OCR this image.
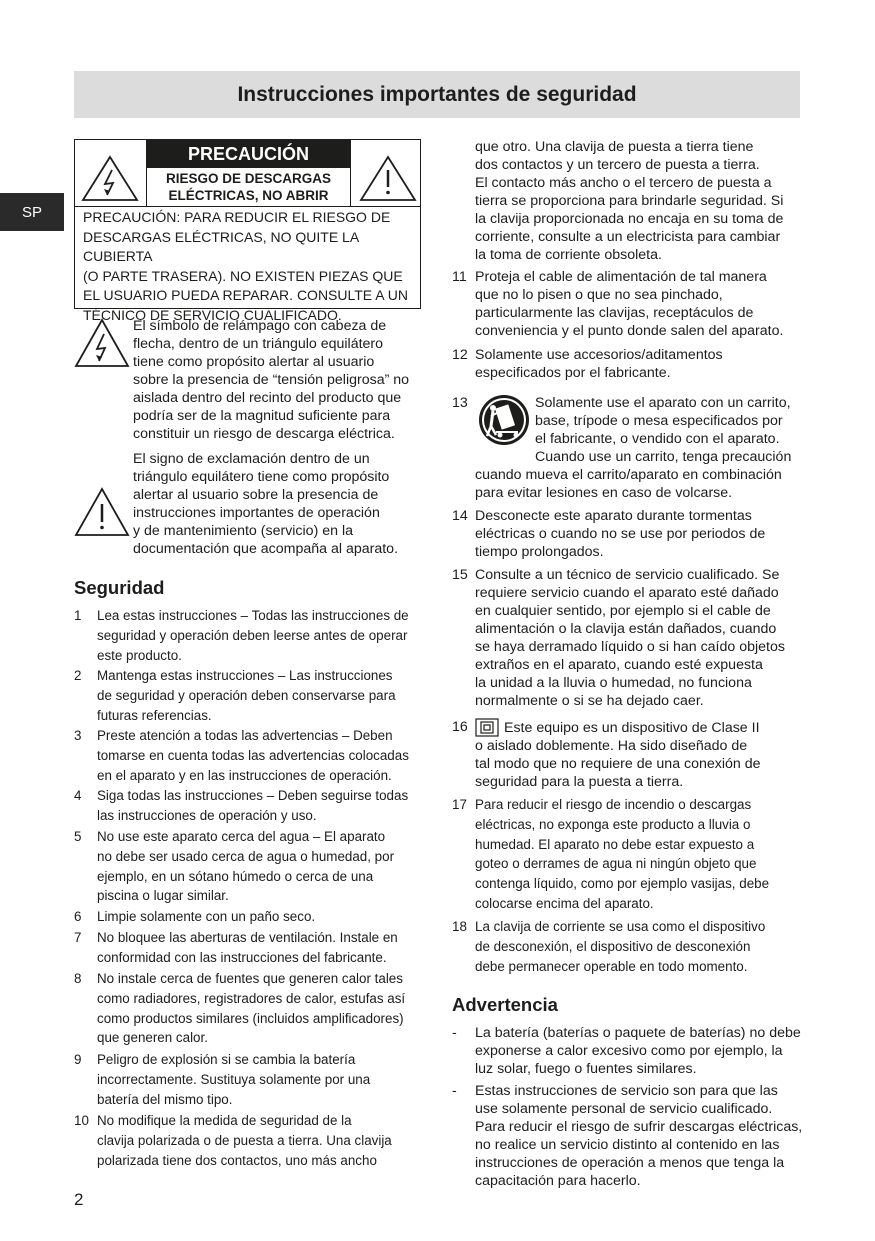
Instrucciones importantes de seguridad
SP
PRECAUCIÓN
RIESGO DE DESCARGAS
ELÉCTRICAS, NO ABRIR
PRECAUCIÓN: PARA REDUCIR EL RIESGO DE
DESCARGAS ELÉCTRICAS, NO QUITE LA CUBIERTA
(O PARTE TRASERA). NO EXISTEN PIEZAS QUE
EL USUARIO PUEDA REPARAR. CONSULTE A UN
TÉCNICO DE SERVICIO CUALIFICADO.
El símbolo de relámpago con cabeza de
flecha, dentro de un triángulo equilátero
tiene como propósito alertar al usuario
sobre la presencia de “tensión peligrosa” no
aislada dentro del recinto del producto que
podría ser de la magnitud suficiente para
constituir un riesgo de descarga eléctrica.
El signo de exclamación dentro de un
triángulo equilátero tiene como propósito
alertar al usuario sobre la presencia de
instrucciones importantes de operación
y de mantenimiento (servicio) en la
documentación que acompaña al aparato.
Seguridad
1 Lea estas instrucciones – Todas las instrucciones de
seguridad y operación deben leerse antes de operar
este producto.
2 Mantenga estas instrucciones – Las instrucciones
de seguridad y operación deben conservarse para
futuras referencias.
3 Preste atención a todas las advertencias – Deben
tomarse en cuenta todas las advertencias colocadas
en el aparato y en las instrucciones de operación.
4 Siga todas las instrucciones – Deben seguirse todas
las instrucciones de operación y uso.
5 No use este aparato cerca del agua – El aparato
no debe ser usado cerca de agua o humedad, por
ejemplo, en un sótano húmedo o cerca de una
piscina o lugar similar.
6 Limpie solamente con un paño seco.
7 No bloquee las aberturas de ventilación. Instale en
conformidad con las instrucciones del fabricante.
8 No instale cerca de fuentes que generen calor tales
como radiadores, registradores de calor, estufas así
como productos similares (incluidos amplificadores)
que generen calor.
9 Peligro de explosión si se cambia la batería
incorrectamente. Sustituya solamente por una
batería del mismo tipo.
10 No modifique la medida de seguridad de la
clavija polarizada o de puesta a tierra. Una clavija
polarizada tiene dos contactos, uno más ancho
que otro. Una clavija de puesta a tierra tiene
dos contactos y un tercero de puesta a tierra.
El contacto más ancho o el tercero de puesta a
tierra se proporciona para brindarle seguridad. Si
la clavija proporcionada no encaja en su toma de
corriente, consulte a un electricista para cambiar
la toma de corriente obsoleta.
11 Proteja el cable de alimentación de tal manera
que no lo pisen o que no sea pinchado,
particularmente las clavijas, receptáculos de
conveniencia y el punto donde salen del aparato.
12 Solamente use accesorios/aditamentos
especificados por el fabricante.
13	Solamente use el aparato con un carrito,
base, trípode o mesa especificados por
el fabricante, o vendido con el aparato.
Cuando use un carrito, tenga precaución
cuando mueva el carrito/aparato en combinación
para evitar lesiones en caso de volcarse.
14 Desconecte este aparato durante tormentas
eléctricas o cuando no se use por periodos de
tiempo prolongados.
15 Consulte a un técnico de servicio cualificado. Se
requiere servicio cuando el aparato esté dañado
en cualquier sentido, por ejemplo si el cable de
alimentación o la clavija están dañados, cuando
se haya derramado líquido o si han caído objetos
extraños en el aparato, cuando esté expuesta
la unidad a la lluvia o humedad, no funciona
normalmente o si se ha dejado caer.
16	Este equipo es un dispositivo de Clase II
o aislado doblemente. Ha sido diseñado de
tal modo que no requiere de una conexión de
seguridad para la puesta a tierra.
17 Para reducir el riesgo de incendio o descargas
eléctricas, no exponga este producto a lluvia o
humedad. El aparato no debe estar expuesto a
goteo o derrames de agua ni ningún objeto que
contenga líquido, como por ejemplo vasijas, debe
colocarse encima del aparato.
18 La clavija de corriente se usa como el dispositivo
de desconexión, el dispositivo de desconexión
debe permanecer operable en todo momento.
Advertencia
- La batería (baterías o paquete de baterías) no debe
exponerse a calor excesivo como por ejemplo, la
luz solar, fuego o fuentes similares.
- Estas instrucciones de servicio son para que las
use solamente personal de servicio cualificado.
Para reducir el riesgo de sufrir descargas eléctricas,
no realice un servicio distinto al contenido en las
instrucciones de operación a menos que tenga la
capacitación para hacerlo.
2
